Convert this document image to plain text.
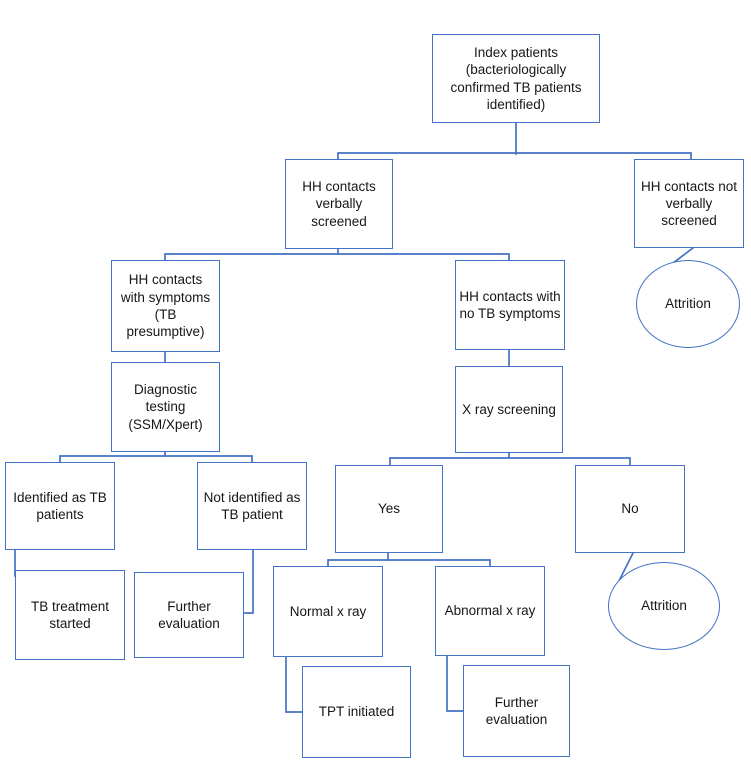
Index patients (bacteriologically confirmed TB patients identified)
HH contacts verbally screened
HH contacts not verbally screened
Attrition
HH contacts with symptoms (TB presumptive)
HH contacts with no TB symptoms
Diagnostic testing (SSM/Xpert)
X ray screening
Identified as TB patients
Not identified as TB patient	Yes	No
Attrition
TB treatment started
Further evaluation
Normal x ray	Abnormal x ray
TPT initiated
Further evaluation
